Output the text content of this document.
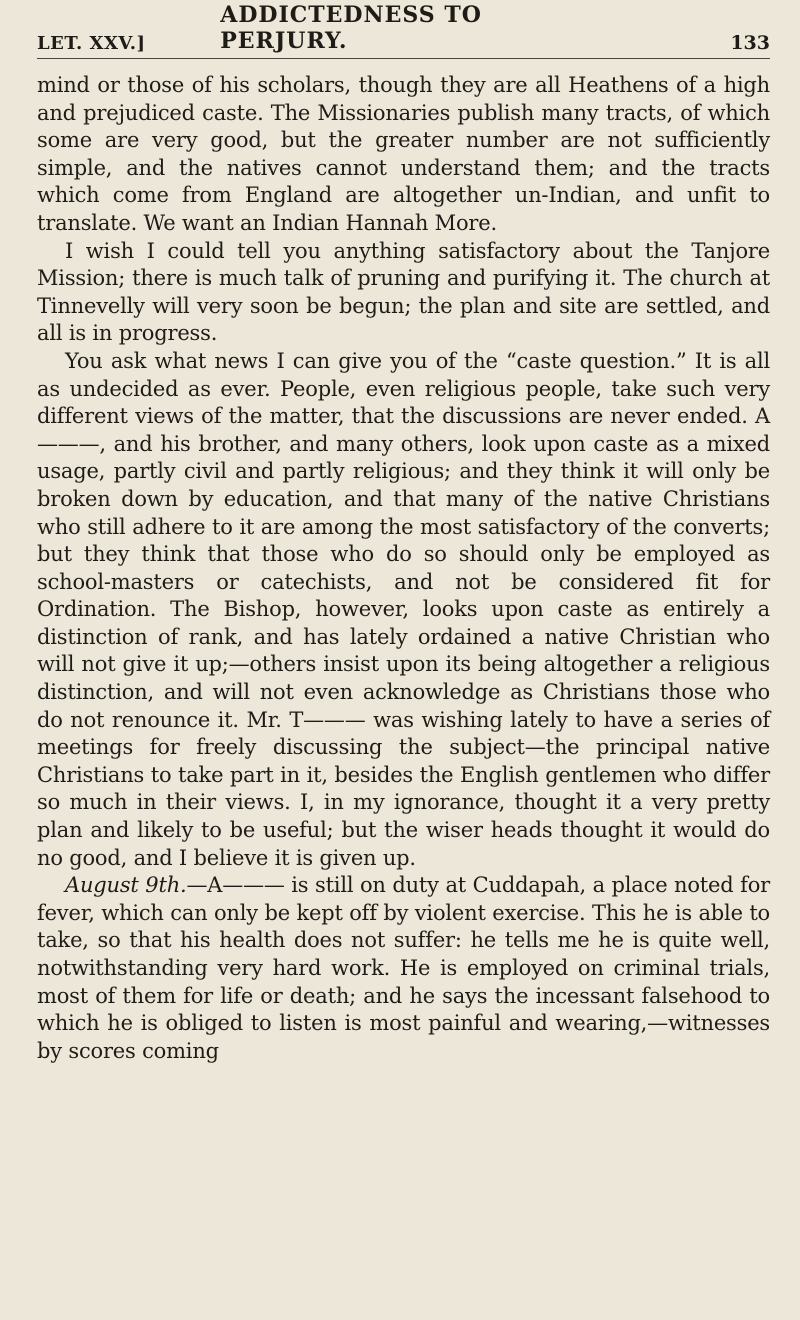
LET. XXV.]
ADDICTEDNESS TO PERJURY.	133

mind or those of his scholars, though they are all Heathens of a high and prejudiced caste. The Missionaries publish many tracts, of which some are very good, but the greater number are not sufficiently simple, and the natives cannot understand them; and the tracts which come from England are altogether un-Indian, and unfit to translate. We want an Indian Hannah More.

I wish I could tell you anything satisfactory about the Tanjore Mission; there is much talk of pruning and purifying it. The church at Tinnevelly will very soon be begun; the plan and site are settled, and all is in progress.

You ask what news I can give you of the “caste question.” It is all as undecided as ever. People, even religious people, take such very different views of the matter, that the discussions are never ended. A———, and his brother, and many others, look upon caste as a mixed usage, partly civil and partly religious; and they think it will only be broken down by education, and that many of the native Christians who still adhere to it are among the most satisfactory of the converts; but they think that those who do so should only be employed as school-masters or catechists, and not be considered fit for Ordination. The Bishop, however, looks upon caste as entirely a distinction of rank, and has lately ordained a native Christian who will not give it up;—others insist upon its being altogether a religious distinction, and will not even acknowledge as Christians those who do not renounce it. Mr. T——— was wishing lately to have a series of meetings for freely discussing the subject—the principal native Christians to take part in it, besides the English gentlemen who differ so much in their views. I, in my ignorance, thought it a very pretty plan and likely to be useful; but the wiser heads thought it would do no good, and I believe it is given up.

August 9th.—A——— is still on duty at Cuddapah, a place noted for fever, which can only be kept off by violent exercise. This he is able to take, so that his health does not suffer: he tells me he is quite well, notwithstanding very hard work. He is employed on criminal trials, most of them for life or death; and he says the incessant falsehood to which he is obliged to listen is most painful and wearing,—witnesses by scores coming
